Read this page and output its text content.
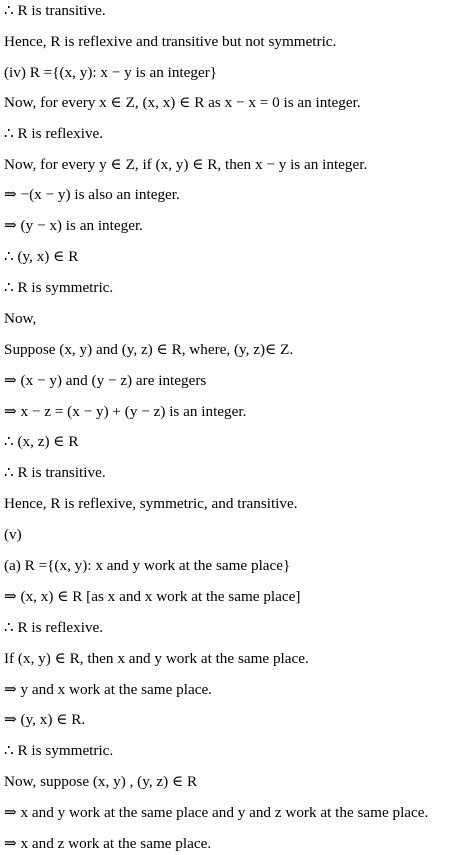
∴ R is transitive.
Hence, R is reflexive and transitive but not symmetric.
(iv) R ={(x, y): x − y is an integer}
Now, for every x ∈ Z, (x, x) ∈ R as x − x = 0 is an integer.
∴ R is reflexive.
Now, for every y ∈ Z, if (x, y) ∈ R, then x − y is an integer.
⇒ −(x − y) is also an integer.
⇒ (y − x) is an integer.
∴ (y, x) ∈ R
∴ R is symmetric.
Now,
Suppose (x, y) and (y, z) ∈ R, where, (y, z)∈ Z.
⇒ (x − y) and (y − z) are integers
⇒ x − z = (x − y) + (y − z) is an integer.
∴ (x, z) ∈ R
∴ R is transitive.
Hence, R is reflexive, symmetric, and transitive.
(v)
(a) R ={(x, y): x and y work at the same place}
⇒ (x, x) ∈ R [as x and x work at the same place]
∴ R is reflexive.
If (x, y) ∈ R, then x and y work at the same place.
⇒ y and x work at the same place.
⇒ (y, x) ∈ R.
∴ R is symmetric.
Now, suppose (x, y) , (y, z) ∈ R
⇒ x and y work at the same place and y and z work at the same place.
⇒ x and z work at the same place.
